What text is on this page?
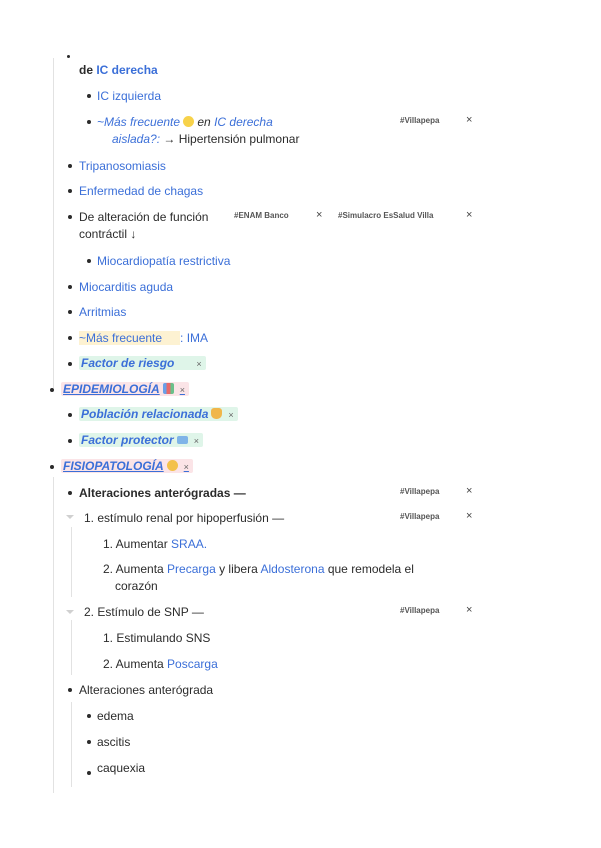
de IC derecha
IC izquierda
~Más frecuente en IC derecha
aislada?: → Hipertensión pulmonar
#Villapepa ×
Tripanosomiasis
Enfermedad de chagas
De alteración de función
contráctil ↓
#ENAM Banco × #Simulacro EsSalud Villa	×
Miocardiopatía restrictiva
Miocarditis aguda
Arritmias
~Más frecuente : IMA
Factor de riesgo ×
EPIDEMIOLOGÍA ×
Población relacionada ×
Factor protector ×
FISIOPATOLOGÍA ×
Alteraciones anterógradas —	#Villapepa ×
1. estímulo renal por hipoperfusión —	#Villapepa ×
1. Aumentar SRAA.
2. Aumenta Precarga y libera Aldosterona que remodela el
corazón
2. Estímulo de SNP —	#Villapepa ×
1. Estimulando SNS
2. Aumenta Poscarga
Alteraciones anterógrada
edema
ascitis
caquexia
